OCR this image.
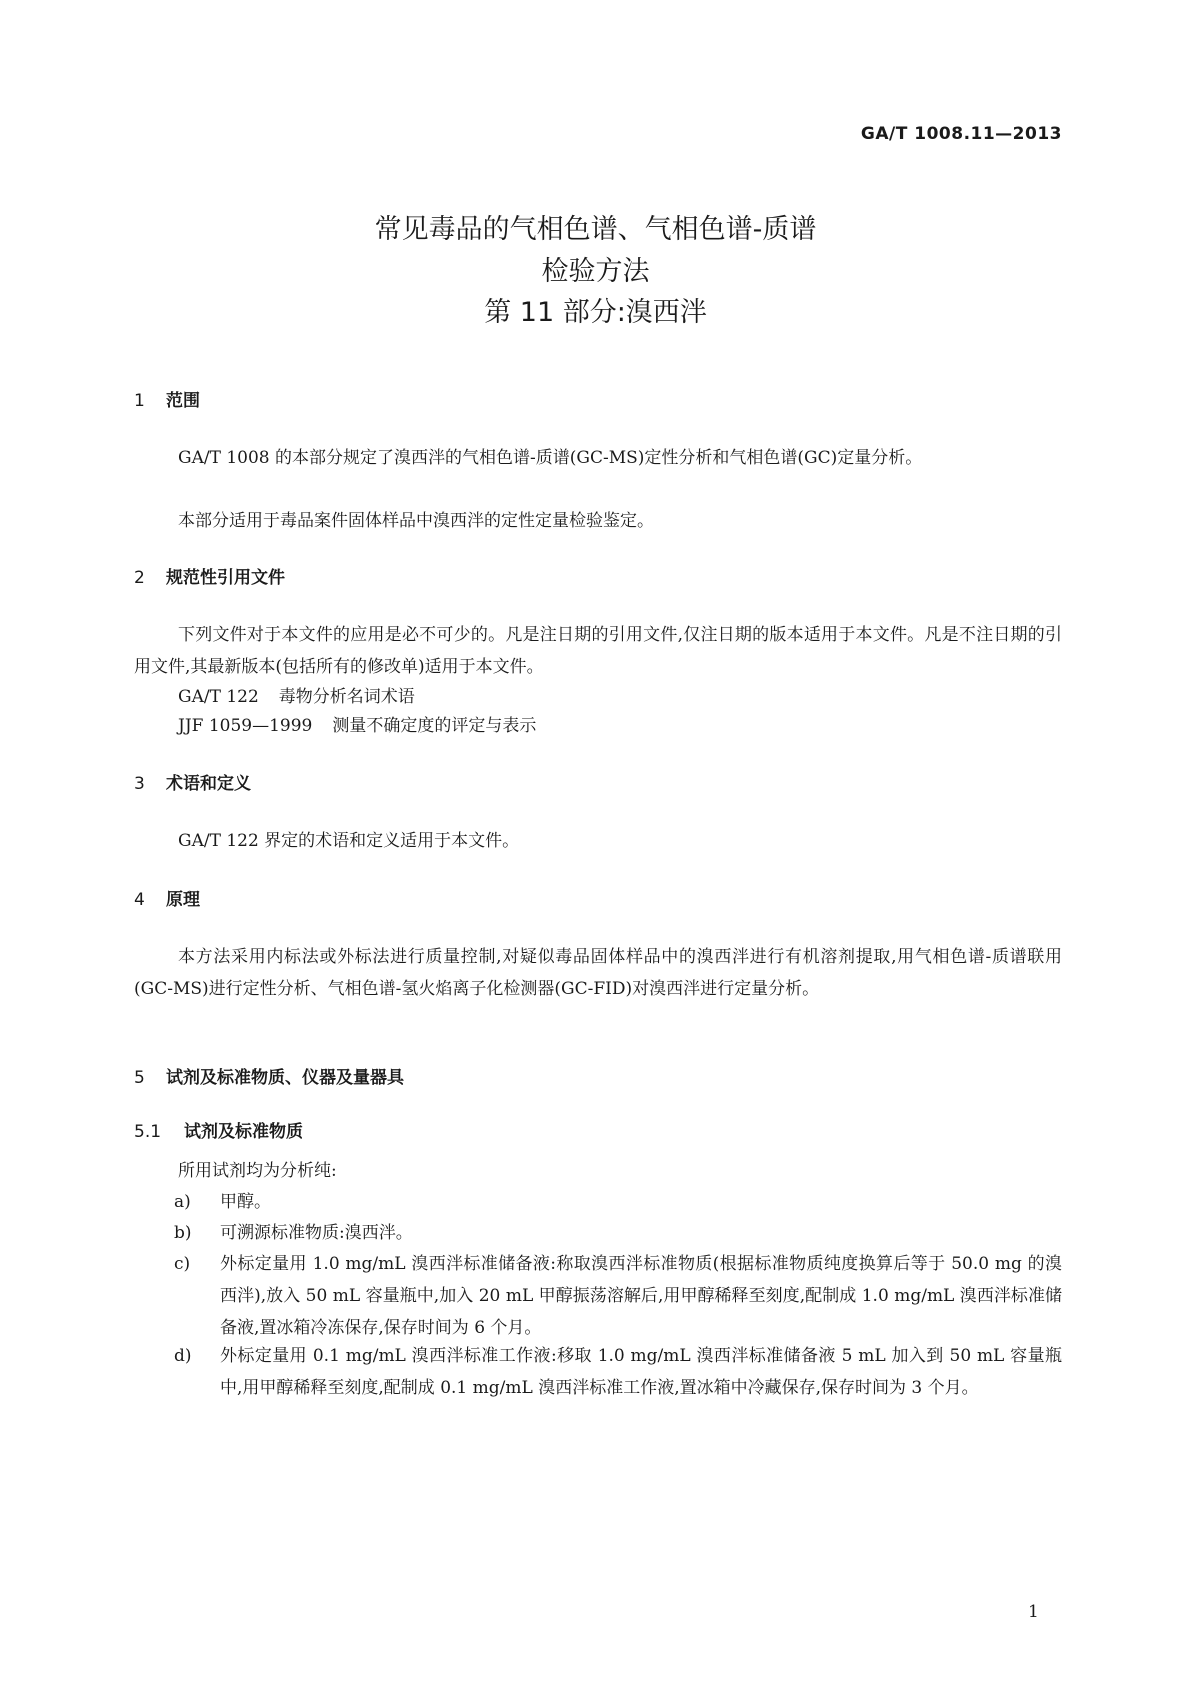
GA/T 1008.11—2013
常见毒品的气相色谱、气相色谱-质谱
检验方法
第 11 部分:溴西泮
1 范围
GA/T 1008 的本部分规定了溴西泮的气相色谱-质谱(GC-MS)定性分析和气相色谱(GC)定量分析。
本部分适用于毒品案件固体样品中溴西泮的定性定量检验鉴定。
2 规范性引用文件
下列文件对于本文件的应用是必不可少的。凡是注日期的引用文件,仅注日期的版本适用于本文件。凡是不注日期的引用文件,其最新版本(包括所有的修改单)适用于本文件。
GA/T 122 毒物分析名词术语
JJF 1059—1999 测量不确定度的评定与表示
3 术语和定义
GA/T 122 界定的术语和定义适用于本文件。
4 原理
本方法采用内标法或外标法进行质量控制,对疑似毒品固体样品中的溴西泮进行有机溶剂提取,用气相色谱-质谱联用(GC-MS)进行定性分析、气相色谱-氢火焰离子化检测器(GC-FID)对溴西泮进行定量分析。
5 试剂及标准物质、仪器及量器具
5.1 试剂及标准物质
所用试剂均为分析纯:
a) 甲醇。
b) 可溯源标准物质:溴西泮。
c) 外标定量用 1.0 mg/mL 溴西泮标准储备液:称取溴西泮标准物质(根据标准物质纯度换算后等于 50.0 mg 的溴西泮),放入 50 mL 容量瓶中,加入 20 mL 甲醇振荡溶解后,用甲醇稀释至刻度,配制成 1.0 mg/mL 溴西泮标准储备液,置冰箱冷冻保存,保存时间为 6 个月。
d) 外标定量用 0.1 mg/mL 溴西泮标准工作液:移取 1.0 mg/mL 溴西泮标准储备液 5 mL 加入到 50 mL 容量瓶中,用甲醇稀释至刻度,配制成 0.1 mg/mL 溴西泮标准工作液,置冰箱中冷藏保存,保存时间为 3 个月。
1
